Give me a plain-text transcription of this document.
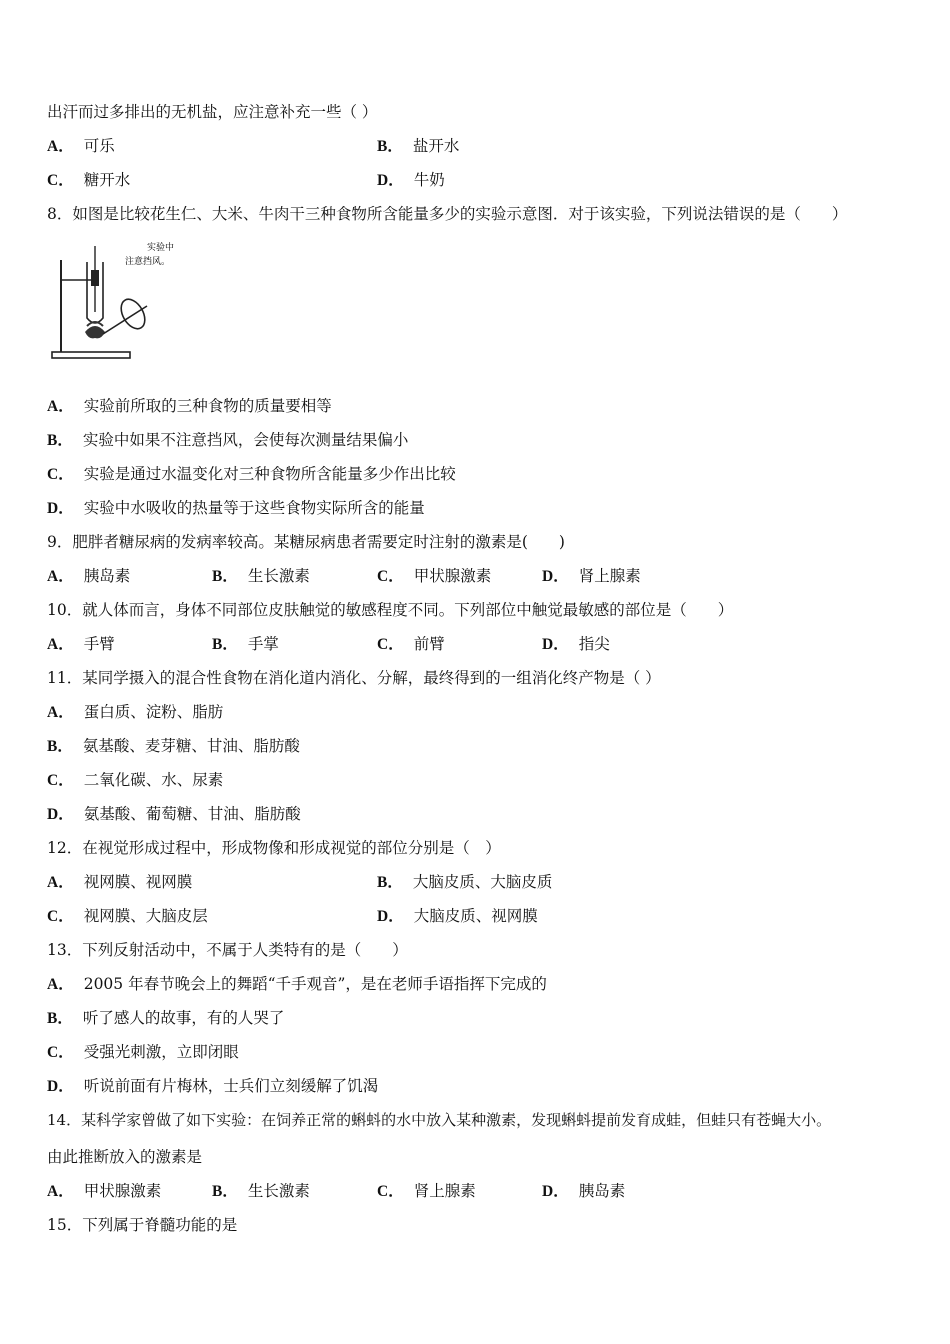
出汗而过多排出的无机盐，应注意补充一些（ ）
A． 可乐	B． 盐开水
C． 糖开水	D． 牛奶
8．如图是比较花生仁、大米、牛肉干三种食物所含能量多少的实验示意图．对于该实验，下列说法错误的是（　　）
实验中
注意挡风。
A． 实验前所取的三种食物的质量要相等
B． 实验中如果不注意挡风，会使每次测量结果偏小
C． 实验是通过水温变化对三种食物所含能量多少作出比较
D． 实验中水吸收的热量等于这些食物实际所含的能量
9．肥胖者糖尿病的发病率较高。某糖尿病患者需要定时注射的激素是(　　)
A． 胰岛素	B． 生长激素	C． 甲状腺激素	D． 肾上腺素
10．就人体而言，身体不同部位皮肤触觉的敏感程度不同。下列部位中触觉最敏感的部位是（　　）
A． 手臂	B． 手掌	C． 前臂	D． 指尖
11．某同学摄入的混合性食物在消化道内消化、分解，最终得到的一组消化终产物是（ ）
A． 蛋白质、淀粉、脂肪
B． 氨基酸、麦芽糖、甘油、脂肪酸
C． 二氧化碳、水、尿素
D． 氨基酸、葡萄糖、甘油、脂肪酸
12．在视觉形成过程中，形成物像和形成视觉的部位分别是（　）
A． 视网膜、视网膜	B． 大脑皮质、大脑皮质
C． 视网膜、大脑皮层	D． 大脑皮质、视网膜
13．下列反射活动中，不属于人类特有的是（　　）
A． 2005 年春节晚会上的舞蹈“千手观音”，是在老师手语指挥下完成的
B． 听了感人的故事，有的人哭了
C． 受强光刺激，立即闭眼
D． 听说前面有片梅林，士兵们立刻缓解了饥渴
14．某科学家曾做了如下实验：在饲养正常的蝌蚪的水中放入某种激素，发现蝌蚪提前发育成蛙，但蛙只有苍蝇大小。
由此推断放入的激素是
A． 甲状腺激素	B． 生长激素	C． 肾上腺素	D． 胰岛素
15．下列属于脊髓功能的是
